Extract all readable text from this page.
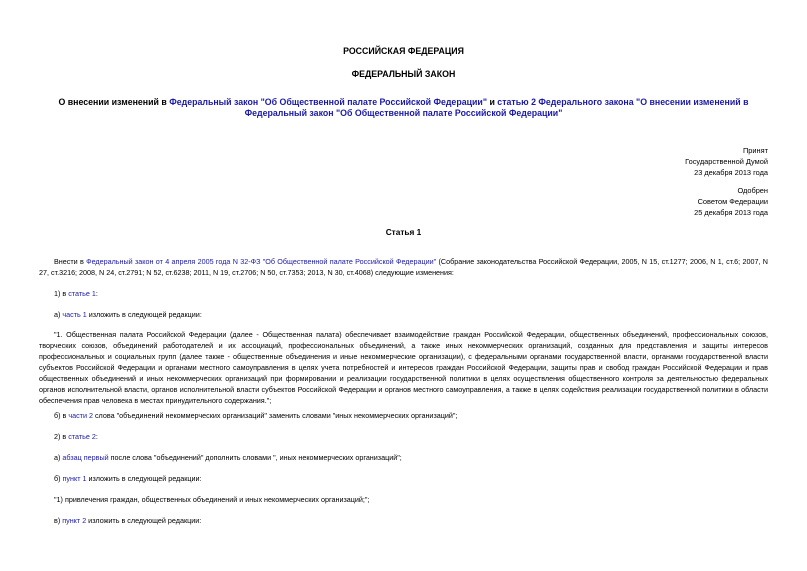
РОССИЙСКАЯ ФЕДЕРАЦИЯ
ФЕДЕРАЛЬНЫЙ ЗАКОН
О внесении изменений в Федеральный закон "Об Общественной палате Российской Федерации" и статью 2 Федерального закона "О внесении изменений в Федеральный закон "Об Общественной палате Российской Федерации"
Принят
Государственной Думой
23 декабря 2013 года
Одобрен
Советом Федерации
25 декабря 2013 года
Статья 1
Внести в Федеральный закон от 4 апреля 2005 года N 32-ФЗ "Об Общественной палате Российской Федерации" (Собрание законодательства Российской Федерации, 2005, N 15, ст.1277; 2006, N 1, ст.6; 2007, N 27, ст.3216; 2008, N 24, ст.2791; N 52, ст.6238; 2011, N 19, ст.2706; N 50, ст.7353; 2013, N 30, ст.4068) следующие изменения:
1) в статье 1:
а) часть 1 изложить в следующей редакции:
"1. Общественная палата Российской Федерации (далее - Общественная палата) обеспечивает взаимодействие граждан Российской Федерации, общественных объединений, профессиональных союзов, творческих союзов, объединений работодателей и их ассоциаций, профессиональных объединений, а также иных некоммерческих организаций, созданных для представления и защиты интересов профессиональных и социальных групп (далее также - общественные объединения и иные некоммерческие организации), с федеральными органами государственной власти, органами государственной власти субъектов Российской Федерации и органами местного самоуправления в целях учета потребностей и интересов граждан Российской Федерации, защиты прав и свобод граждан Российской Федерации и прав общественных объединений и иных некоммерческих организаций при формировании и реализации государственной политики в целях осуществления общественного контроля за деятельностью федеральных органов исполнительной власти, органов исполнительной власти субъектов Российской Федерации и органов местного самоуправления, а также в целях содействия реализации государственной политики в области обеспечения прав человека в местах принудительного содержания.";
б) в части 2 слова "объединений некоммерческих организаций" заменить словами "иных некоммерческих организаций";
2) в статье 2:
а) абзац первый после слова "объединений" дополнить словами ", иных некоммерческих организаций";
б) пункт 1 изложить в следующей редакции:
"1) привлечения граждан, общественных объединений и иных некоммерческих организаций;";
в) пункт 2 изложить в следующей редакции:
